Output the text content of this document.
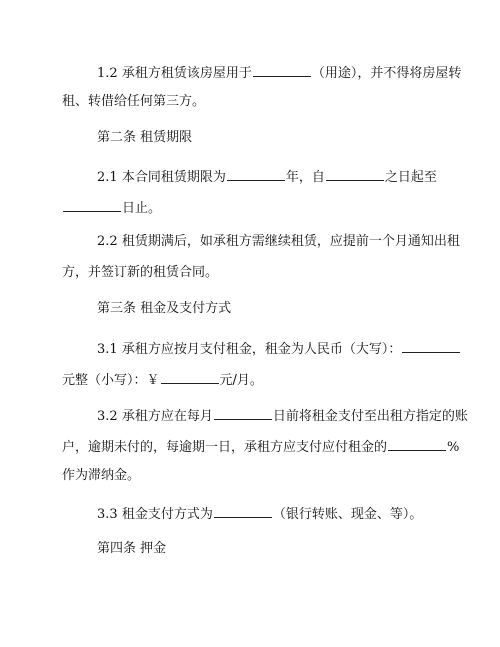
1.2 承租方租赁该房屋用于	（用途），并不得将房屋转
租、转借给任何第三方。
第二条 租赁期限
2.1 本合同租赁期限为	年，自	之日起至
日止。
2.2 租赁期满后，如承租方需继续租赁，应提前一个月通知出租
方，并签订新的租赁合同。
第三条 租金及支付方式
3.1 承租方应按月支付租金，租金为人民币（大写）：
元整（小写）：￥	元/月。
3.2 承租方应在每月	日前将租金支付至出租方指定的账
户，逾期未付的，每逾期一日，承租方应支付应付租金的	%
作为滞纳金。
3.3 租金支付方式为	（银行转账、现金、等）。
第四条 押金
